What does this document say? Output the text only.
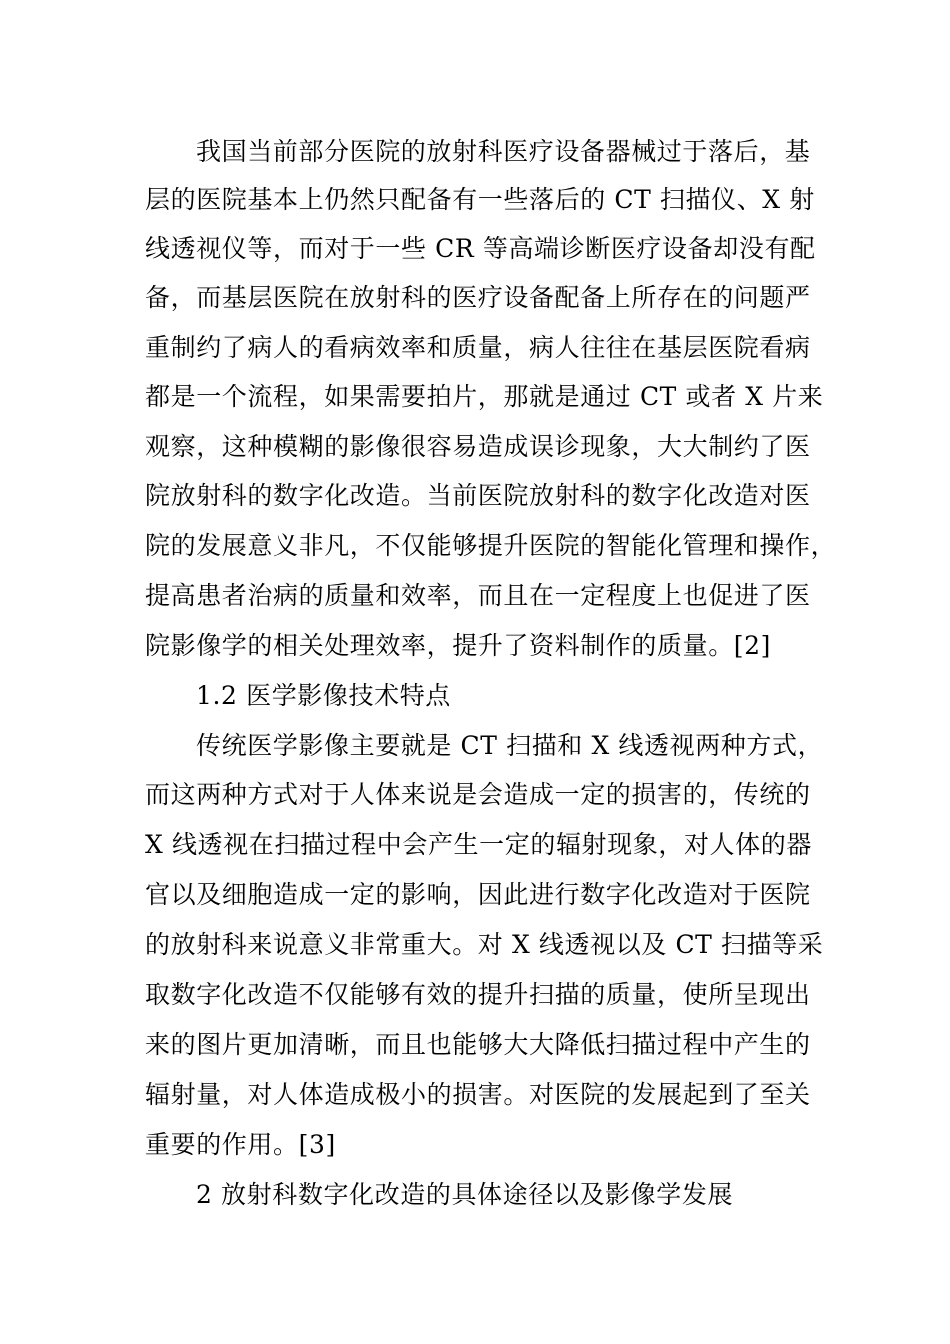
我国当前部分医院的放射科医疗设备器械过于落后，基
层的医院基本上仍然只配备有一些落后的 CT 扫描仪、X 射
线透视仪等，而对于一些 CR 等高端诊断医疗设备却没有配
备，而基层医院在放射科的医疗设备配备上所存在的问题严
重制约了病人的看病效率和质量，病人往往在基层医院看病
都是一个流程，如果需要拍片，那就是通过 CT 或者 X 片来
观察，这种模糊的影像很容易造成误诊现象，大大制约了医
院放射科的数字化改造。当前医院放射科的数字化改造对医
院的发展意义非凡，不仅能够提升医院的智能化管理和操作，
提高患者治病的质量和效率，而且在一定程度上也促进了医
院影像学的相关处理效率，提升了资料制作的质量。[2]
1.2 医学影像技术特点
传统医学影像主要就是 CT 扫描和 X 线透视两种方式，
而这两种方式对于人体来说是会造成一定的损害的，传统的
X 线透视在扫描过程中会产生一定的辐射现象，对人体的器
官以及细胞造成一定的影响，因此进行数字化改造对于医院
的放射科来说意义非常重大。对 X 线透视以及 CT 扫描等采
取数字化改造不仅能够有效的提升扫描的质量，使所呈现出
来的图片更加清晰，而且也能够大大降低扫描过程中产生的
辐射量，对人体造成极小的损害。对医院的发展起到了至关
重要的作用。[3]
2 放射科数字化改造的具体途径以及影像学发展
